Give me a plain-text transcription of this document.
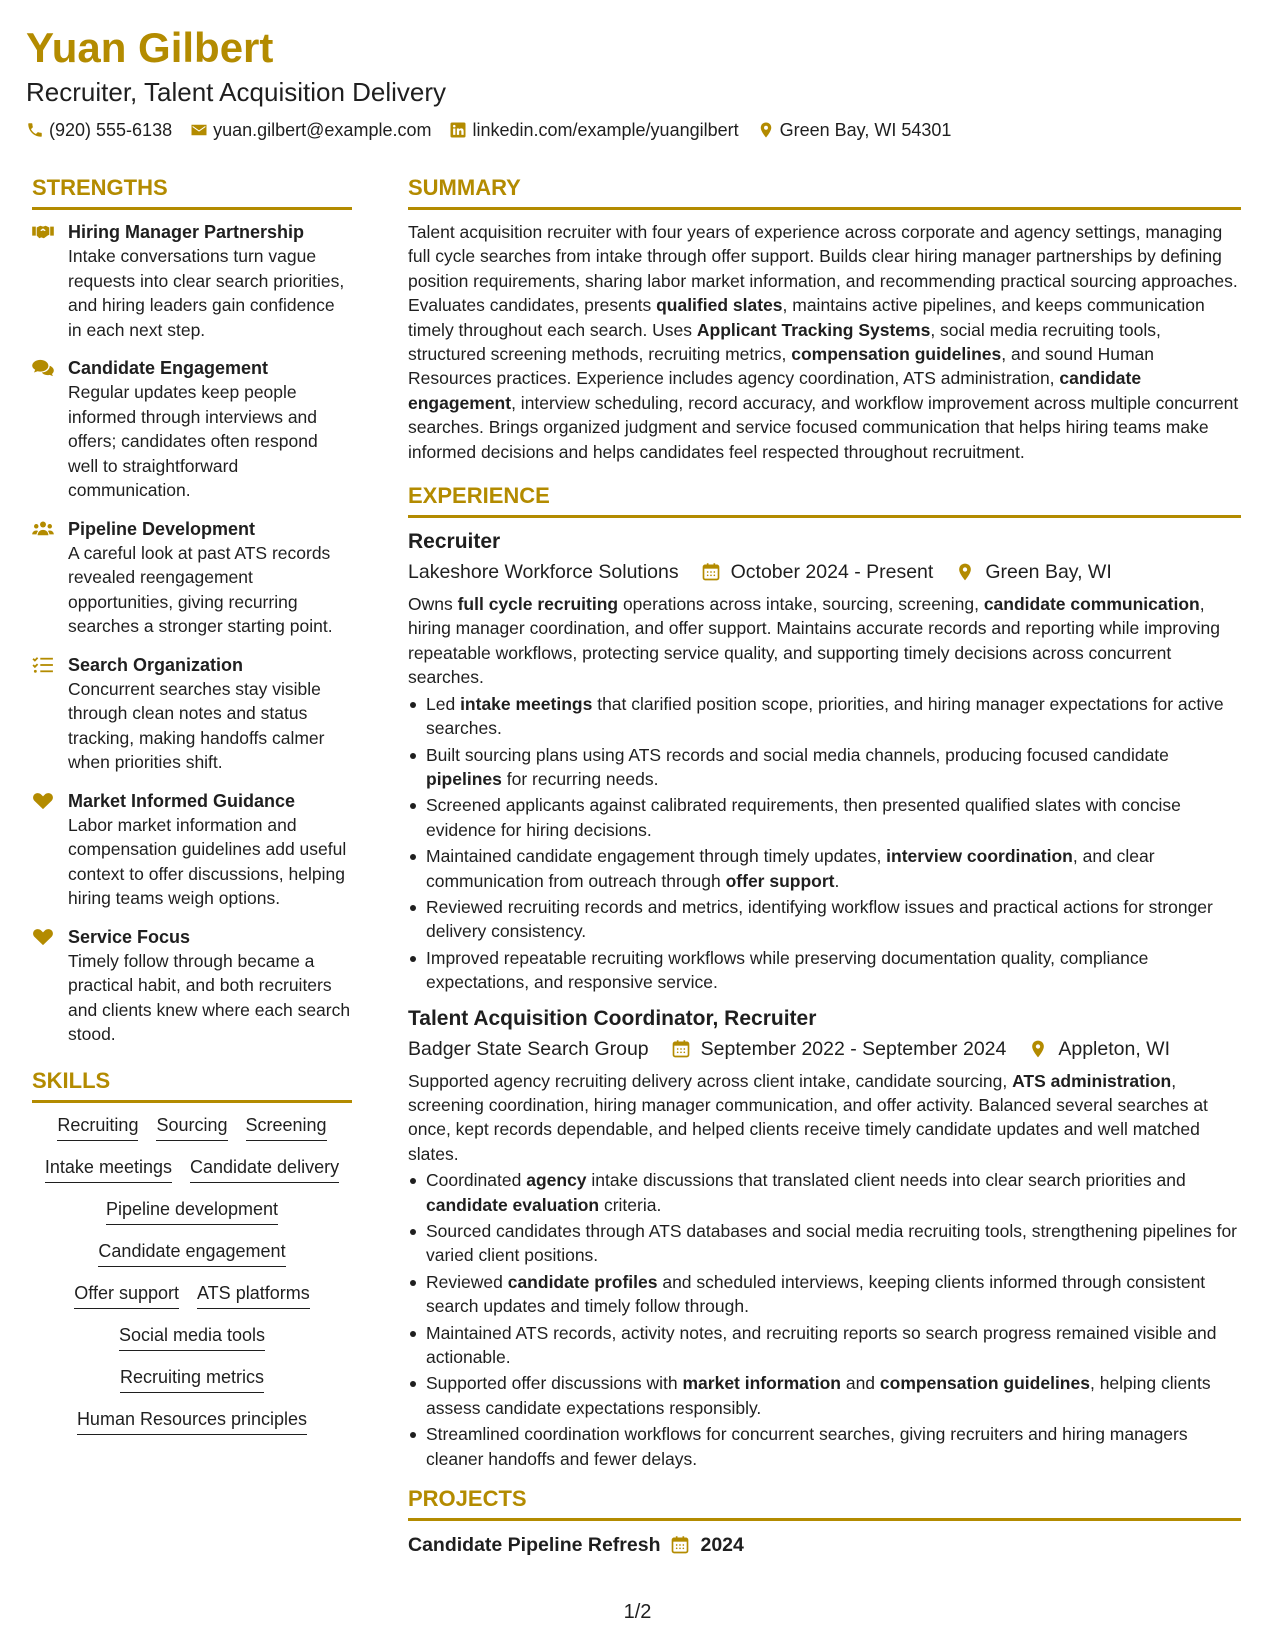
Yuan Gilbert
Recruiter, Talent Acquisition Delivery
(920) 555-6138 yuan.gilbert@example.com linkedin.com/example/yuangilbert Green Bay, WI 54301
STRENGTHS
Hiring Manager Partnership
Intake conversations turn vague requests into clear search priorities, and hiring leaders gain confidence in each next step.
Candidate Engagement
Regular updates keep people informed through interviews and offers; candidates often respond well to straightforward communication.
Pipeline Development
A careful look at past ATS records revealed reengagement opportunities, giving recurring searches a stronger starting point.
Search Organization
Concurrent searches stay visible through clean notes and status tracking, making handoffs calmer when priorities shift.
Market Informed Guidance
Labor market information and compensation guidelines add useful context to offer discussions, helping hiring teams weigh options.
Service Focus
Timely follow through became a practical habit, and both recruiters and clients knew where each search stood.
SKILLS
Recruiting Sourcing Screening
Intake meetings Candidate delivery
Pipeline development
Candidate engagement
Offer support ATS platforms
Social media tools
Recruiting metrics
Human Resources principles
SUMMARY
Talent acquisition recruiter with four years of experience across corporate and agency settings, managing full cycle searches from intake through offer support. Builds clear hiring manager partnerships by defining position requirements, sharing labor market information, and recommending practical sourcing approaches. Evaluates candidates, presents qualified slates, maintains active pipelines, and keeps communication timely throughout each search. Uses Applicant Tracking Systems, social media recruiting tools, structured screening methods, recruiting metrics, compensation guidelines, and sound Human Resources practices. Experience includes agency coordination, ATS administration, candidate engagement, interview scheduling, record accuracy, and workflow improvement across multiple concurrent searches. Brings organized judgment and service focused communication that helps hiring teams make informed decisions and helps candidates feel respected throughout recruitment.
EXPERIENCE
Recruiter
Lakeshore Workforce Solutions	October 2024 - Present	Green Bay, WI
Owns full cycle recruiting operations across intake, sourcing, screening, candidate communication, hiring manager coordination, and offer support. Maintains accurate records and reporting while improving repeatable workflows, protecting service quality, and supporting timely decisions across concurrent searches.
Led intake meetings that clarified position scope, priorities, and hiring manager expectations for active searches.
Built sourcing plans using ATS records and social media channels, producing focused candidate pipelines for recurring needs.
Screened applicants against calibrated requirements, then presented qualified slates with concise evidence for hiring decisions.
Maintained candidate engagement through timely updates, interview coordination, and clear communication from outreach through offer support.
Reviewed recruiting records and metrics, identifying workflow issues and practical actions for stronger delivery consistency.
Improved repeatable recruiting workflows while preserving documentation quality, compliance expectations, and responsive service.
Talent Acquisition Coordinator, Recruiter
Badger State Search Group	September 2022 - September 2024	Appleton, WI
Supported agency recruiting delivery across client intake, candidate sourcing, ATS administration, screening coordination, hiring manager communication, and offer activity. Balanced several searches at once, kept records dependable, and helped clients receive timely candidate updates and well matched slates.
Coordinated agency intake discussions that translated client needs into clear search priorities and candidate evaluation criteria.
Sourced candidates through ATS databases and social media recruiting tools, strengthening pipelines for varied client positions.
Reviewed candidate profiles and scheduled interviews, keeping clients informed through consistent search updates and timely follow through.
Maintained ATS records, activity notes, and recruiting reports so search progress remained visible and actionable.
Supported offer discussions with market information and compensation guidelines, helping clients assess candidate expectations responsibly.
Streamlined coordination workflows for concurrent searches, giving recruiters and hiring managers cleaner handoffs and fewer delays.
PROJECTS
Candidate Pipeline Refresh 2024
1/2
